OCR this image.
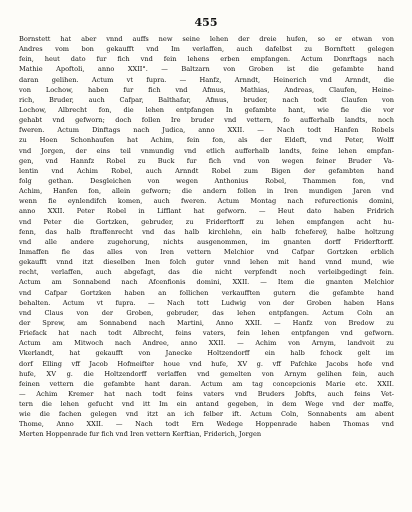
455
Bornstett hat aber vnnd auffs new seine lehen der dreie hufen, so er etwan von
Andres vom bon gekaufft vnd Im verlaffen, auch dafelbst zu Bornftett gelegen
fein, heut dato fur fich vnd fein lehens erben empfangen. Actum Donrftags nach
Mathie Apoftoli, anno XXII°. — Baltzarn von Groben ist die gefambte hand
daran gelihen. Actum vt fupra. — Hanfz, Arnndt, Heinerich vnd Arnndt, die
von Lochow, haben fur fich vnd Afmus, Mathias, Andreas, Claufen, Heine-
rich, Bruder, auch Cafpar, Balthafar, Afmus, bruder, nach todt Claufen von
Lochow, Albrecht fon, die lehen entpfangen In gefambte hant, wie fie die vor
gehabt vnd gefworn; doch follen Ire bruder vnd vettern, fo aufferhalb landts, noch
fweren. Actum Dinftags nach Judica, anno XXII. — Nach todt Hanfen Robels
zu Hoen Schonhaufen hat Achim, fein fon, als der Eldeft, vnd Peter, Wolff
vnd Jorgen, der eins teil vnmundig vnd etlich aufferhalb landts, feine lehen empfan-
gen, vnd Hannfz Robel zu Buck fur fich vnd von wegen feiner Bruder Va-
lentin vnd Achim Robel, auch Arnndt Robel zum Bigen der gefambten hand
folg gethan. Desgleichen von wegen Anthonius Robel, Thammen fon, vnd
Achim, Hanfen fon, allein gefworn; die andern follen in Iren mundigen Jaren vnd
wenn fie eynlendifch komen, auch fweren. Actum Montag nach refurectionis domini,
anno XXII. Peter Robel in Lifflant hat gefworn. — Heut dato haben Fridrich
vnd Peter die Gortzken, gebruder, zu Friderftorff zu lehen empfangen acht hu-
fenn, das halb ftraffenrecht vnd das halb kirchlehn, ein halb fchefereÿ, halbe holtzung
vnd alle andere zugehorung, nichts ausgenommen, im gnanten dorff Friderftorff.
Inmaffen fie das alles von Iren vettern Melchior vnd Cafpar Gortzken erblich
gekaufft vnnd itzt dieselben Inen folch guter vnnd lehen mit hand vnnd mund, wie
recht, verlaffen, auch abgefagt, das die nicht verpfendt noch verleibgedingt fein.
Actum am Sonnabend nach Afcenfionis domini, XXII. — Item die gnanten Melchior
vnd Cafpar Gortzken haben an follichen verkaufften gutern die gefambte hand
behalten. Actum vt fupra. — Nach tott Ludwig von der Groben haben Hans
vnd Claus von der Groben, gebruder, das lehen entpfangen. Actum Coln an
der Sprew, am Sonnabend nach Martini, Anno XXII. — Hanfz von Bredow zu
Friefack hat nach todt Albrecht, feins vaters, fein lehen entpfangen vnd gefworn.
Actum am Mitwoch nach Andree, anno XXII. — Achim von Arnym, landvoit zu
Vkerlandt, hat gekaufft von Janecke Holtzendorff ein halb fchock gelt im
dorf Elling vff Jacob Hofmeifter houe vnd hufe, XV g. vff Pafchke Jacobs hofe vnd
hufe, XV g. die Holtzendorff verlaffen vnd gemelten von Arnym gelihen fein, auch
feinen vettern die gefambte hant daran. Actum am tag concepcionis Marie etc. XXII.
— Achim Kremer hat nach todt feins vaters vnd Bruders Jobfts, auch feins Vet-
tern die lehen gefucht vnd itt Im ein antand gegeben, in dem Wege vnd der maffe,
wie die fachen gelegen vnd itzt an ich felber ift. Actum Coln, Sonnabents am abent
Thome, Anno XXII. — Nach todt Ern Wedege Hoppenrade haben Thomas vnd
Merten Hoppenrade fur fich vnd Iren vettern Kerftian, Friderich, Jorgen
